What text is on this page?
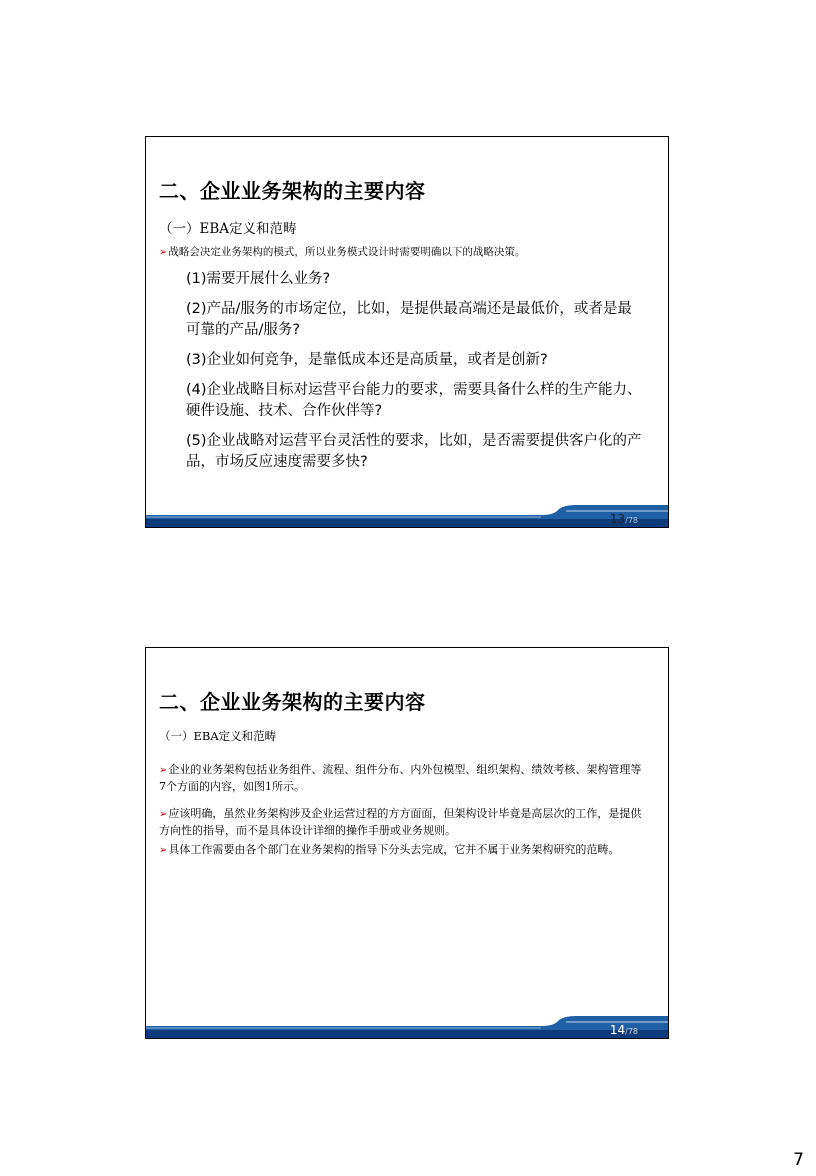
二、企业业务架构的主要内容
（一）EBA定义和范畴
➢战略会决定业务架构的模式，所以业务模式设计时需要明确以下的战略决策。
(1)需要开展什么业务?
(2)产品/服务的市场定位，比如，是提供最高端还是最低价，或者是最可靠的产品/服务?
(3)企业如何竞争，是靠低成本还是高质量，或者是创新?
(4)企业战略目标对运营平台能力的要求，需要具备什么样的生产能力、硬件设施、技术、合作伙伴等?
(5)企业战略对运营平台灵活性的要求，比如，是否需要提供客户化的产品，市场反应速度需要多快?
13/78
二、企业业务架构的主要内容
（一）EBA定义和范畴
➢企业的业务架构包括业务组件、流程、组件分布、内外包模型、组织架构、绩效考核、架构管理等7个方面的内容，如图1所示。
➢应该明确，虽然业务架构涉及企业运营过程的方方面面，但架构设计毕竟是高层次的工作，是提供方向性的指导，而不是具体设计详细的操作手册或业务规则。
➢具体工作需要由各个部门在业务架构的指导下分头去完成，它并不属于业务架构研究的范畴。
14/78
7
